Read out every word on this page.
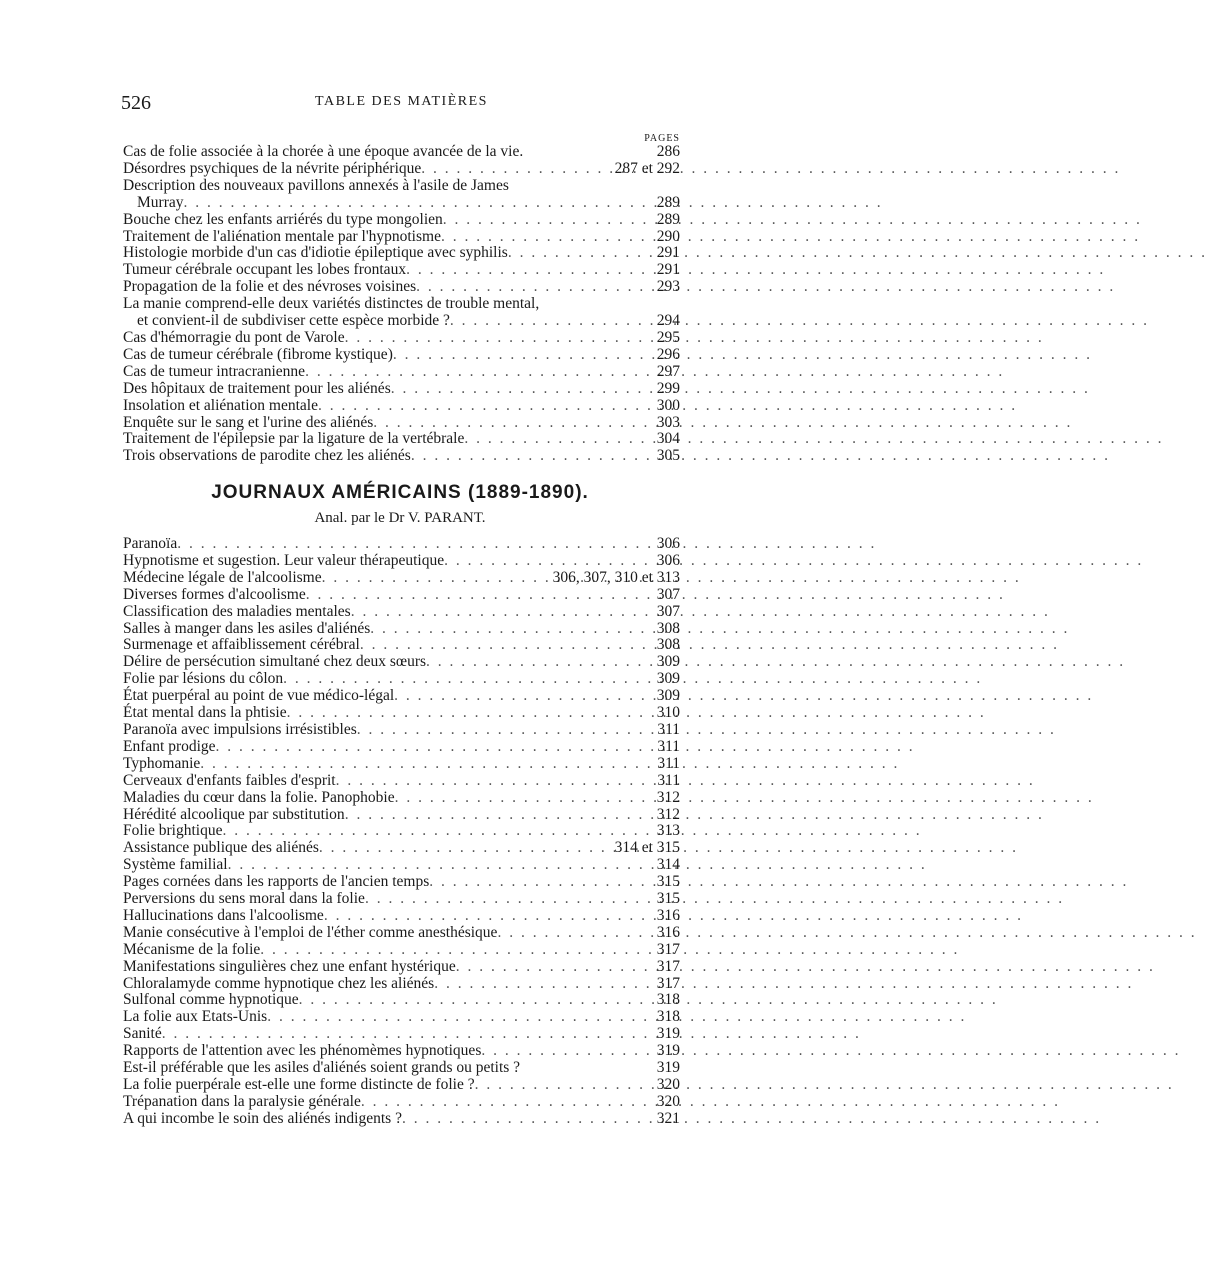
526	TABLE DES MATIÈRES
PAGES
Cas de folie associée à la chorée à une époque avancée de la vie.	286
Désordres psychiques de la névrite périphérique . . .	287 et 292
Description des nouveaux pavillons annexés à l'asile de James
Murray . . .	289
Bouche chez les enfants arriérés du type mongolien . . .	289
Traitement de l'aliénation mentale par l'hypnotisme . . .	290
Histologie morbide d'un cas d'idiotie épileptique avec syphilis . . .	291
Tumeur cérébrale occupant les lobes frontaux . . .	291
Propagation de la folie et des névroses voisines . . .	293
La manie comprend-elle deux variétés distinctes de trouble mental,
et convient-il de subdiviser cette espèce morbide ? . . .	294
Cas d'hémorragie du pont de Varole . . .	295
Cas de tumeur cérébrale (fibrome kystique) . . .	296
Cas de tumeur intracranienne . . .	297
Des hôpitaux de traitement pour les aliénés . . .	299
Insolation et aliénation mentale . . .	300
Enquête sur le sang et l'urine des aliénés . . .	303
Traitement de l'épilepsie par la ligature de la vertébrale . . .	304
Trois observations de parodite chez les aliénés . . .	305
JOURNAUX AMÉRICAINS (1889-1890).
Anal. par le Dr V. PARANT.
Paranoïa . . .	306
Hypnotisme et sugestion. Leur valeur thérapeutique . . .	306
Médecine légale de l'alcoolisme . . .	306, 307, 310 et 313
Diverses formes d'alcoolisme . . .	307
Classification des maladies mentales . . .	307
Salles à manger dans les asiles d'aliénés . . .	308
Surmenage et affaiblissement cérébral . . .	308
Délire de persécution simultané chez deux sœurs . . .	309
Folie par lésions du côlon . . .	309
État puerpéral au point de vue médico-légal . . .	309
État mental dans la phtisie . . .	310
Paranoïa avec impulsions irrésistibles . . .	311
Enfant prodige . . .	311
Typhomanie . . .	311
Cerveaux d'enfants faibles d'esprit . . .	311
Maladies du cœur dans la folie. Panophobie . . .	312
Hérédité alcoolique par substitution . . .	312
Folie brightique . . .	313
Assistance publique des aliénés . . .	314 et 315
Système familial . . .	314
Pages cornées dans les rapports de l'ancien temps . . .	315
Perversions du sens moral dans la folie . . .	315
Hallucinations dans l'alcoolisme . . .	316
Manie consécutive à l'emploi de l'éther comme anesthésique . . .	316
Mécanisme de la folie . . .	317
Manifestations singulières chez une enfant hystérique . . .	317
Chloralamyde comme hypnotique chez les aliénés . . .	317
Sulfonal comme hypnotique . . .	318
La folie aux Etats-Unis . . .	318
Sanité . . .	319
Rapports de l'attention avec les phénomèmes hypnotiques . . .	319
Est-il préférable que les asiles d'aliénés soient grands ou petits ?	319
La folie puerpérale est-elle une forme distincte de folie ? . . .	320
Trépanation dans la paralysie générale . . .	320
A qui incombe le soin des aliénés indigents ? . . .	321
